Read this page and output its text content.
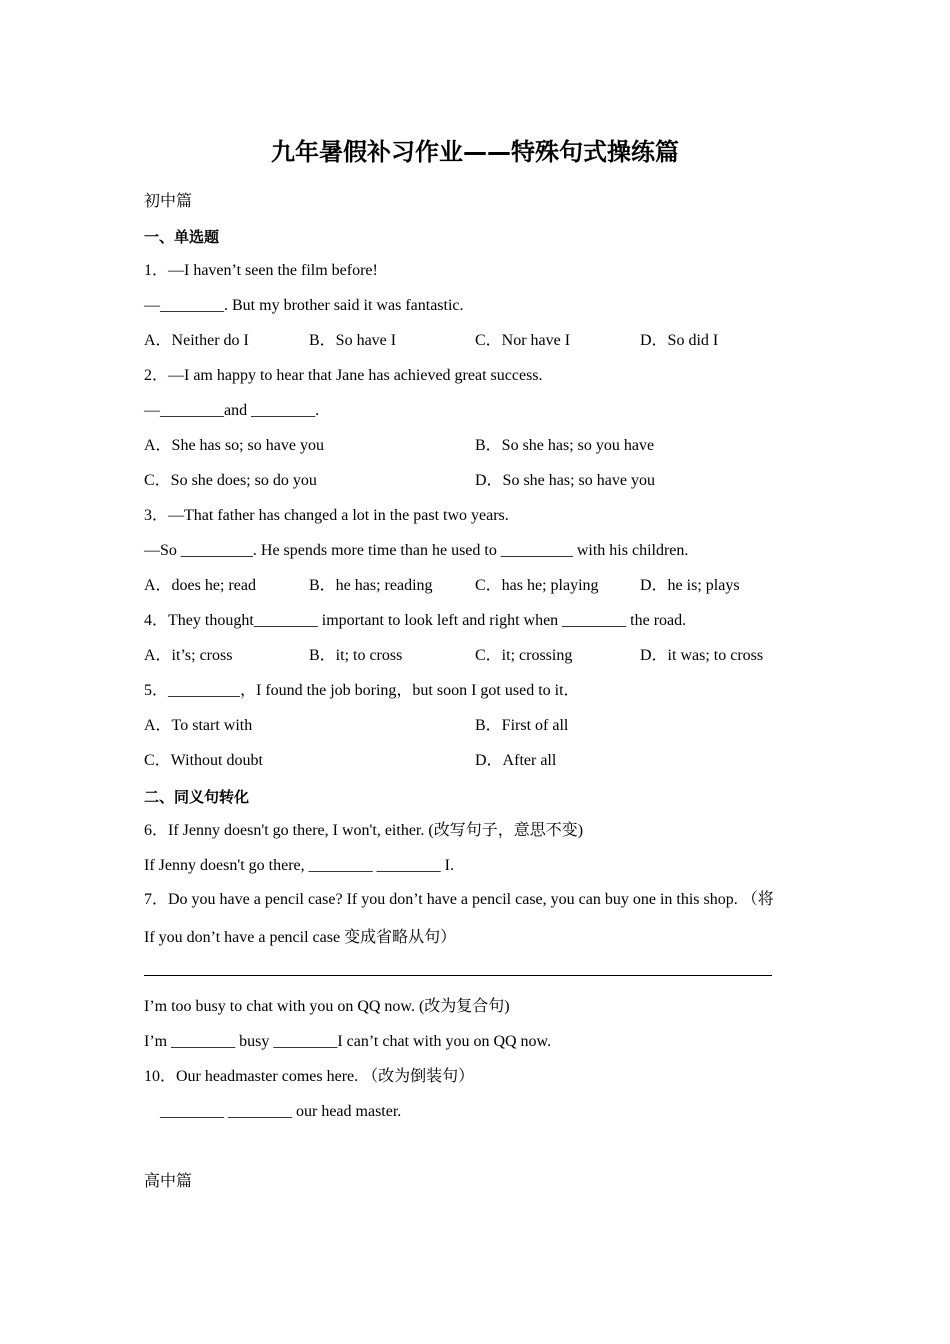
九年暑假补习作业——特殊句式操练篇
初中篇
一、单选题
1．—I haven’t seen the film before!
—________. But my brother said it was fantastic.
A．Neither do I	B．So have I	C．Nor have I	D．So did I
2．—I am happy to hear that Jane has achieved great success.
—________and ________.
A．She has so; so have you	B．So she has; so you have
C．So she does; so do you	D．So she has; so have you
3．—That father has changed a lot in the past two years.
—So _________. He spends more time than he used to _________ with his children.
A．does he; read	B．he has; reading	C．has he; playing	D．he is; plays
4．They thought________ important to look left and right when ________ the road.
A．it’s; cross	B．it; to cross	C．it; crossing	D．it was; to cross
5．_________，I found the job boring，but soon I got used to it．
A．To start with	B．First of all
C．Without doubt	D．After all
二、同义句转化
6．If Jenny doesn't go there, I won't, either. (改写句子，意思不变)
If Jenny doesn't go there, ________ ________ I.
7．Do you have a pencil case? If you don’t have a pencil case, you can buy one in this shop. （将
If you don’t have a pencil case 变成省略从句）
I’m too busy to chat with you on QQ now. (改为复合句)
I’m ________ busy ________I can’t chat with you on QQ now.
10．Our headmaster comes here. （改为倒装句）
________ ________ our head master.
高中篇
